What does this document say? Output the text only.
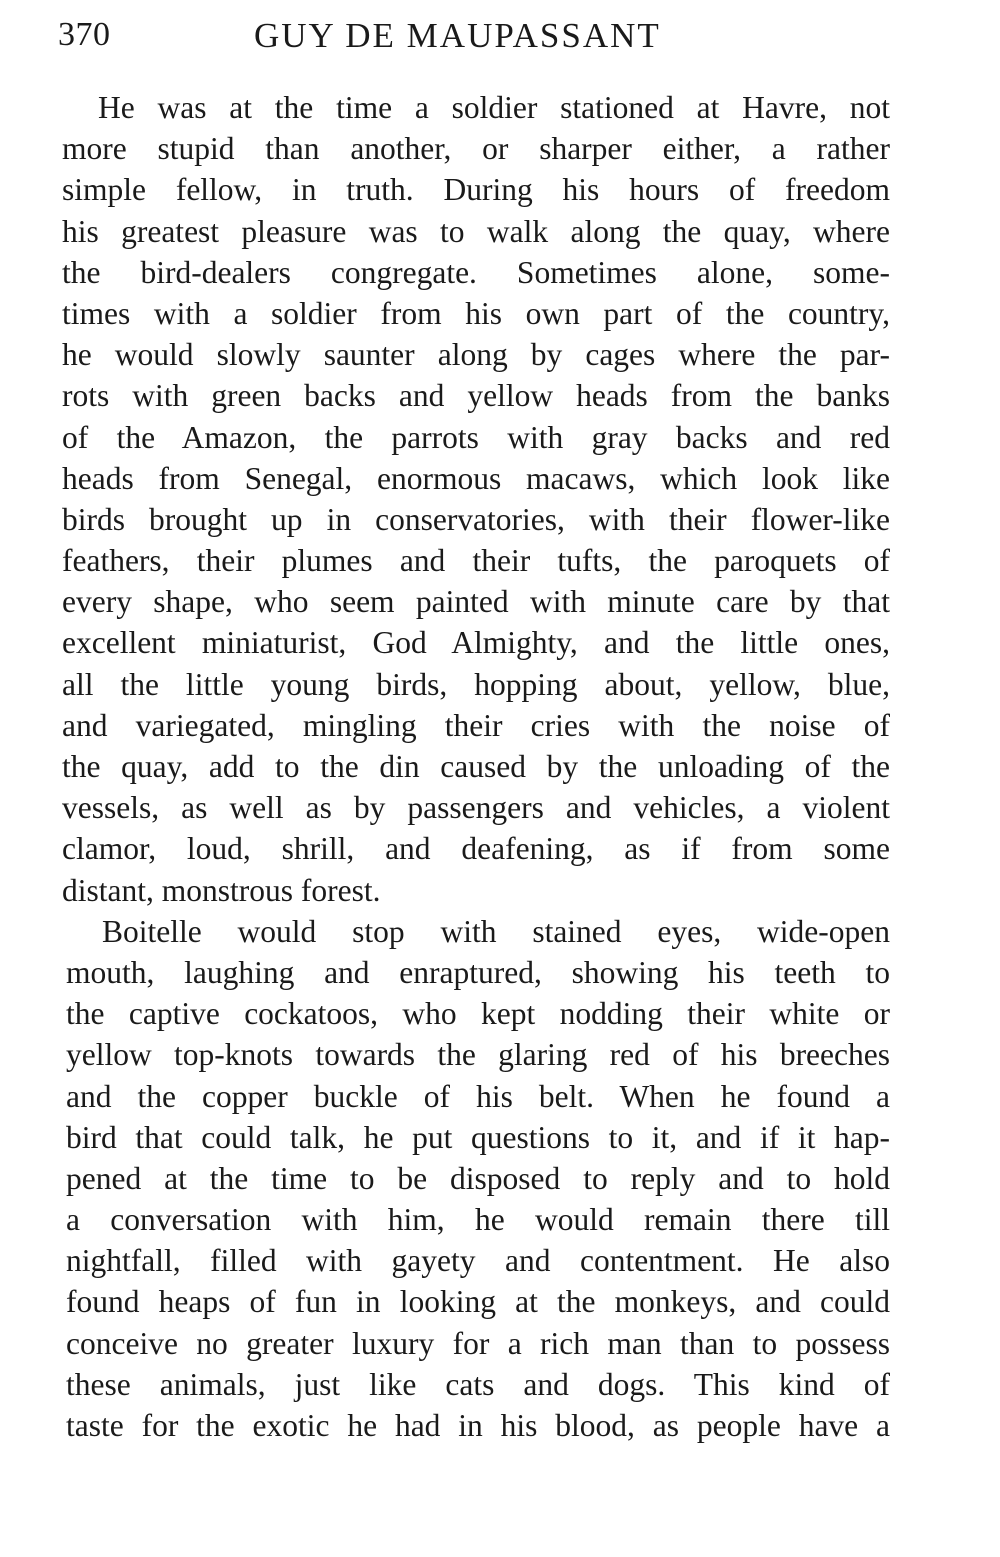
370	GUY DE MAUPASSANT
He was at the time a soldier stationed at Havre, not
more stupid than another, or sharper either, a rather
simple fellow, in truth. During his hours of freedom
his greatest pleasure was to walk along the quay, where
the bird-dealers congregate. Sometimes alone, some-
times with a soldier from his own part of the country,
he would slowly saunter along by cages where the par-
rots with green backs and yellow heads from the banks
of the Amazon, the parrots with gray backs and red
heads from Senegal, enormous macaws, which look like
birds brought up in conservatories, with their flower-like
feathers, their plumes and their tufts, the paroquets of
every shape, who seem painted with minute care by that
excellent miniaturist, God Almighty, and the little ones,
all the little young birds, hopping about, yellow, blue,
and variegated, mingling their cries with the noise of
the quay, add to the din caused by the unloading of the
vessels, as well as by passengers and vehicles, a violent
clamor, loud, shrill, and deafening, as if from some
distant, monstrous forest.
Boitelle would stop with stained eyes, wide-open
mouth, laughing and enraptured, showing his teeth to
the captive cockatoos, who kept nodding their white or
yellow top-knots towards the glaring red of his breeches
and the copper buckle of his belt. When he found a
bird that could talk, he put questions to it, and if it hap-
pened at the time to be disposed to reply and to hold
a conversation with him, he would remain there till
nightfall, filled with gayety and contentment. He also
found heaps of fun in looking at the monkeys, and could
conceive no greater luxury for a rich man than to possess
these animals, just like cats and dogs. This kind of
taste for the exotic he had in his blood, as people have a
